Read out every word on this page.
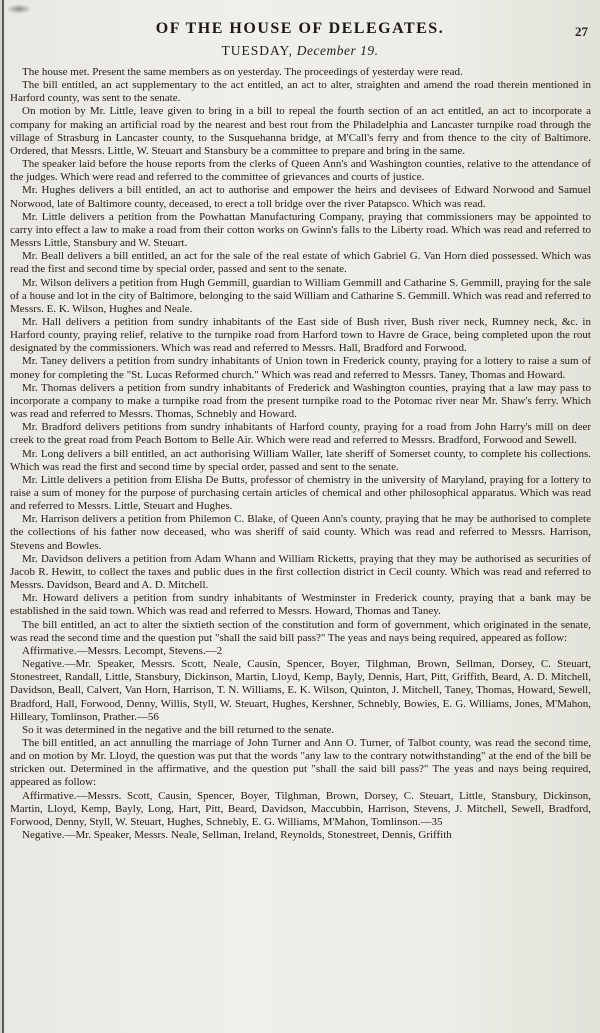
OF THE HOUSE OF DELEGATES.	27
TUESDAY, December 19.

The house met. Present the same members as on yesterday. The proceedings of yesterday were read.

The bill entitled, an act supplementary to the act entitled, an act to alter, straighten and amend the road therein mentioned in Harford county, was sent to the senate.

On motion by Mr. Little, leave given to bring in a bill to repeal the fourth section of an act entitled, an act to incorporate a company for making an artificial road by the nearest and best rout from the Philadelphia and Lancaster turnpike road through the village of Strasburg in Lancaster county, to the Susquehanna bridge, at M'Call's ferry and from thence to the city of Baltimore. Ordered, that Messrs. Little, W. Steuart and Stansbury be a committee to prepare and bring in the same.

The speaker laid before the house reports from the clerks of Queen Ann's and Washington counties, relative to the attendance of the judges. Which were read and referred to the committee of grievances and courts of justice.

Mr. Hughes delivers a bill entitled, an act to authorise and empower the heirs and devisees of Edward Norwood and Samuel Norwood, late of Baltimore county, deceased, to erect a toll bridge over the river Patapsco. Which was read.

Mr. Little delivers a petition from the Powhattan Manufacturing Company, praying that commissioners may be appointed to carry into effect a law to make a road from their cotton works on Gwinn's falls to the Liberty road. Which was read and referred to Messrs Little, Stansbury and W. Steuart.

Mr. Beall delivers a bill entitled, an act for the sale of the real estate of which Gabriel G. Van Horn died possessed. Which was read the first and second time by special order, passed and sent to the senate.

Mr. Wilson delivers a petition from Hugh Gemmill, guardian to William Gemmill and Catharine S. Gemmill, praying for the sale of a house and lot in the city of Baltimore, belonging to the said William and Catharine S. Gemmill. Which was read and referred to Messrs. E. K. Wilson, Hughes and Neale.

Mr. Hall delivers a petition from sundry inhabitants of the East side of Bush river, Bush river neck, Rumney neck, &c. in Harford county, praying relief, relative to the turnpike road from Harford town to Havre de Grace, being completed upon the rout designated by the commissioners. Which was read and referred to Messrs. Hall, Bradford and Forwood.

Mr. Taney delivers a petition from sundry inhabitants of Union town in Frederick county, praying for a lottery to raise a sum of money for completing the "St. Lucas Reformed church." Which was read and referred to Messrs. Taney, Thomas and Howard.

Mr. Thomas delivers a petition from sundry inhabitants of Frederick and Washington counties, praying that a law may pass to incorporate a company to make a turnpike road from the present turnpike road to the Potomac river near Mr. Shaw's ferry. Which was read and referred to Messrs. Thomas, Schnebly and Howard.

Mr. Bradford delivers petitions from sundry inhabitants of Harford county, praying for a road from John Harry's mill on deer creek to the great road from Peach Bottom to Belle Air. Which were read and referred to Messrs. Bradford, Forwood and Sewell.

Mr. Long delivers a bill entitled, an act authorising William Waller, late sheriff of Somerset county, to complete his collections. Which was read the first and second time by special order, passed and sent to the senate.

Mr. Little delivers a petition from Elisha De Butts, professor of chemistry in the university of Maryland, praying for a lottery to raise a sum of money for the purpose of purchasing certain articles of chemical and other philosophical apparatus. Which was read and referred to Messrs. Little, Steuart and Hughes.

Mr. Harrison delivers a petition from Philemon C. Blake, of Queen Ann's county, praying that he may be authorised to complete the collections of his father now deceased, who was sheriff of said county. Which was read and referred to Messrs. Harrison, Stevens and Bowles.

Mr. Davidson delivers a petition from Adam Whann and William Ricketts, praying that they may be authorised as securities of Jacob R. Hewitt, to collect the taxes and public dues in the first collection district in Cecil county. Which was read and referred to Messrs. Davidson, Beard and A. D. Mitchell.

Mr. Howard delivers a petition from sundry inhabitants of Westminster in Frederick county, praying that a bank may be established in the said town. Which was read and referred to Messrs. Howard, Thomas and Taney.

The bill entitled, an act to alter the sixtieth section of the constitution and form of government, which originated in the senate, was read the second time and the question put "shall the said bill pass?" The yeas and nays being required, appeared as follow:

Affirmative.—Messrs. Lecompt, Stevens.—2

Negative.—Mr. Speaker, Messrs. Scott, Neale, Causin, Spencer, Boyer, Tilghman, Brown, Sellman, Dorsey, C. Steuart, Stonestreet, Randall, Little, Stansbury, Dickinson, Martin, Lloyd, Kemp, Bayly, Dennis, Hart, Pitt, Griffith, Beard, A. D. Mitchell, Davidson, Beall, Calvert, Van Horn, Harrison, T. N. Williams, E. K. Wilson, Quinton, J. Mitchell, Taney, Thomas, Howard, Sewell, Bradford, Hall, Forwood, Denny, Willis, Styll, W. Steuart, Hughes, Kershner, Schnebly, Bowies, E. G. Williams, Jones, M'Mahon, Hilleary, Tomlinson, Prather.—56

So it was determined in the negative and the bill returned to the senate.

The bill entitled, an act annulling the marriage of John Turner and Ann O. Turner, of Talbot county, was read the second time, and on motion by Mr. Lloyd, the question was put that the words "any law to the contrary notwithstanding" at the end of the bill be stricken out. Determined in the affirmative, and the question put "shall the said bill pass?" The yeas and nays being required, appeared as follow:

Affirmative.—Messrs. Scott, Causin, Spencer, Boyer, Tilghman, Brown, Dorsey, C. Steuart, Little, Stansbury, Dickinson, Martin, Lloyd, Kemp, Bayly, Long, Hart, Pitt, Beard, Davidson, Maccubbin, Harrison, Stevens, J. Mitchell, Sewell, Bradford, Forwood, Denny, Styll, W. Steuart, Hughes, Schnebly, E. G. Williams, M'Mahon, Tomlinson.—35

Negative.—Mr. Speaker, Messrs. Neale, Sellman, Ireland, Reynolds, Stonestreet, Dennis, Griffith
